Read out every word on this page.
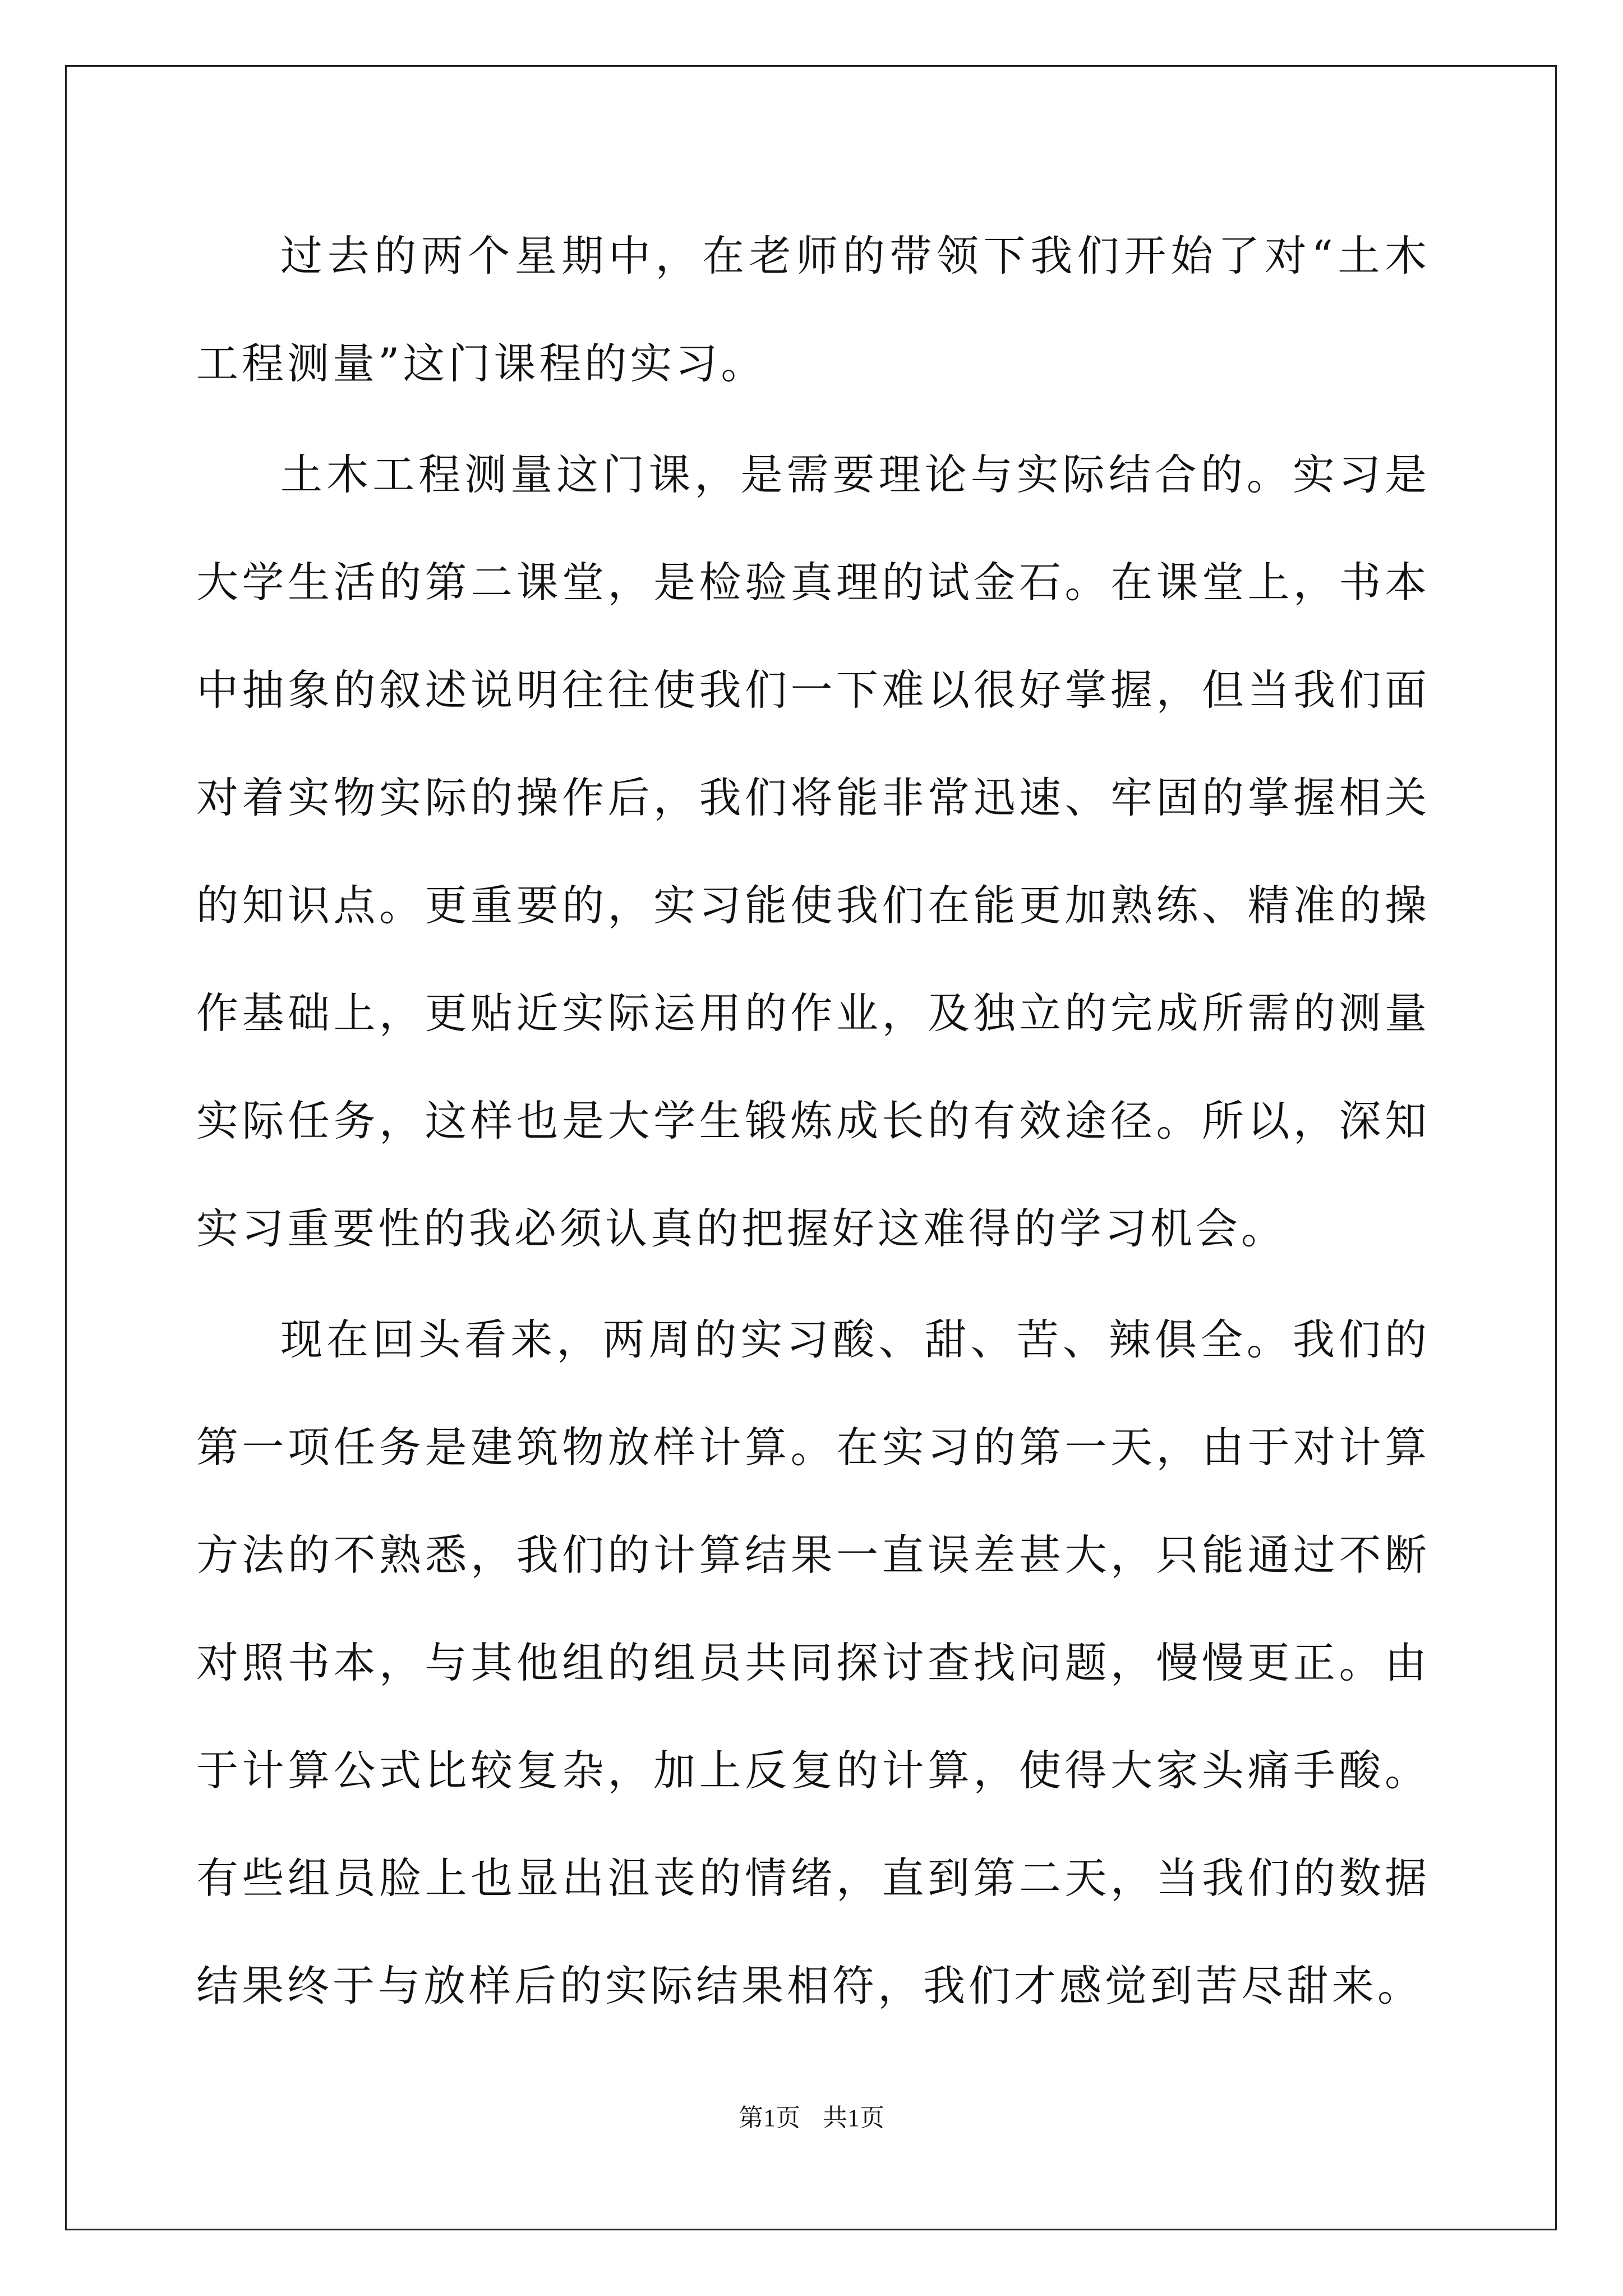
过去的两个星期中，在老师的带领下我们开始了对“土木工程测量”这门课程的实习。

土木工程测量这门课，是需要理论与实际结合的。实习是大学生活的第二课堂，是检验真理的试金石。在课堂上，书本中抽象的叙述说明往往使我们一下难以很好掌握，但当我们面对着实物实际的操作后，我们将能非常迅速、牢固的掌握相关的知识点。更重要的，实习能使我们在能更加熟练、精准的操作基础上，更贴近实际运用的作业，及独立的完成所需的测量实际任务，这样也是大学生锻炼成长的有效途径。所以，深知实习重要性的我必须认真的把握好这难得的学习机会。

现在回头看来，两周的实习酸、甜、苦、辣俱全。我们的第一项任务是建筑物放样计算。在实习的第一天，由于对计算方法的不熟悉，我们的计算结果一直误差甚大，只能通过不断对照书本，与其他组的组员共同探讨查找问题，慢慢更正。由于计算公式比较复杂，加上反复的计算，使得大家头痛手酸。有些组员脸上也显出沮丧的情绪，直到第二天，当我们的数据结果终于与放样后的实际结果相符，我们才感觉到苦尽甜来。

第1页 共1页
